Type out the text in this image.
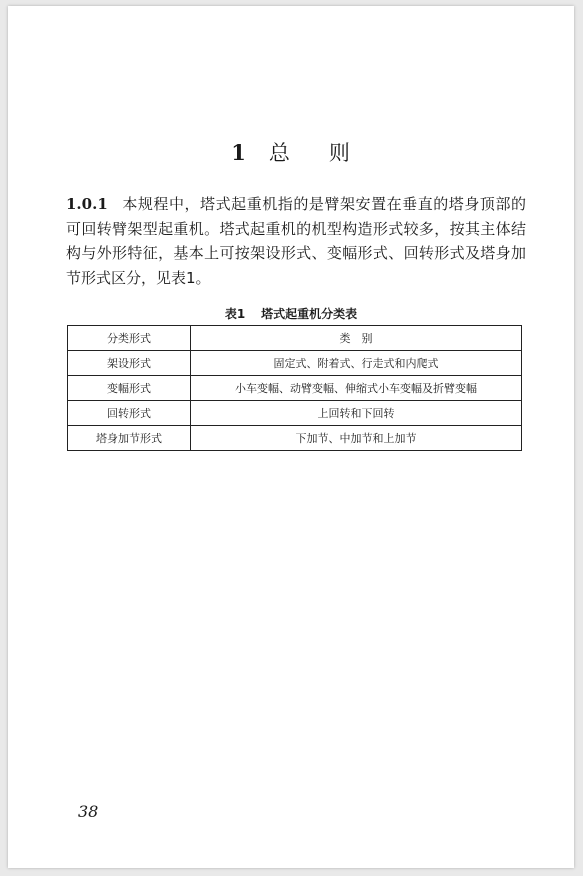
1 总 则
1.0.1 本规程中，塔式起重机指的是臂架安置在垂直的塔身顶部的可回转臂架型起重机。塔式起重机的机型构造形式较多，按其主体结构与外形特征，基本上可按架设形式、变幅形式、回转形式及塔身加节形式区分，见表1。
表1 塔式起重机分类表
分类形式	类　别
架设形式	固定式、附着式、行走式和内爬式
变幅形式	小车变幅、动臂变幅、伸缩式小车变幅及折臂变幅
回转形式	上回转和下回转
塔身加节形式	下加节、中加节和上加节
38
